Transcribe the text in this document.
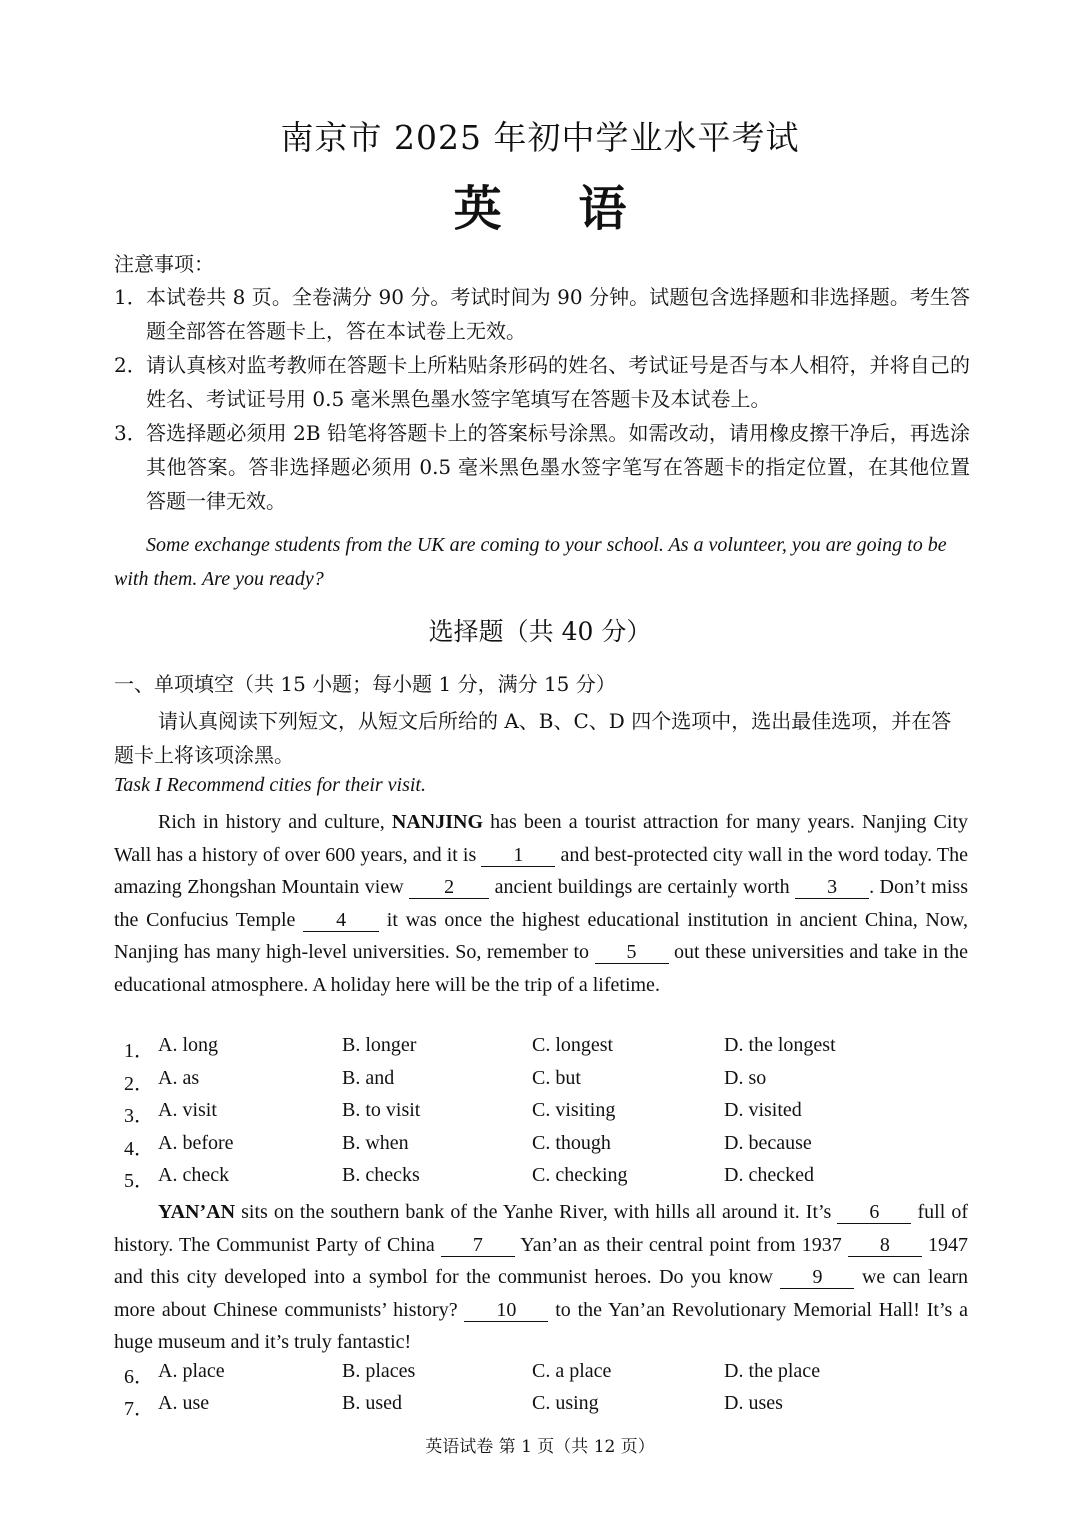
南京市 2025 年初中学业水平考试
英 语
注意事项：
1． 本试卷共 8 页。全卷满分 90 分。考试时间为 90 分钟。试题包含选择题和非选择题。考生答题全部答在答题卡上，答在本试卷上无效。
2． 请认真核对监考教师在答题卡上所粘贴条形码的姓名、考试证号是否与本人相符，并将自己的姓名、考试证号用 0.5 毫米黑色墨水签字笔填写在答题卡及本试卷上。
3． 答选择题必须用 2B 铅笔将答题卡上的答案标号涂黑。如需改动，请用橡皮擦干净后，再选涂其他答案。答非选择题必须用 0.5 毫米黑色墨水签字笔写在答题卡的指定位置，在其他位置答题一律无效。
Some exchange students from the UK are coming to your school. As a volunteer, you are going to be with them. Are you ready?
选择题（共 40 分）
一、单项填空（共 15 小题；每小题 1 分，满分 15 分）
请认真阅读下列短文，从短文后所给的 A、B、C、D 四个选项中，选出最佳选项，并在答题卡上将该项涂黑。
Task I Recommend cities for their visit.
Rich in history and culture, NANJING has been a tourist attraction for many years. Nanjing City Wall has a history of over 600 years, and it is 1 and best-protected city wall in the word today. The amazing Zhongshan Mountain view 2 ancient buildings are certainly worth 3 . Don’t miss the Confucius Temple 4 it was once the highest educational institution in ancient China, Now, Nanjing has many high-level universities. So, remember to 5 out these universities and take in the educational atmosphere. A holiday here will be the trip of a lifetime.
1． A. long	B. longer	C. longest	D. the longest
2． A. as	B. and	C. but	D. so
3． A. visit	B. to visit	C. visiting	D. visited
4． A. before	B. when	C. though	D. because
5． A. check	B. checks	C. checking	D. checked
YAN’AN sits on the southern bank of the Yanhe River, with hills all around it. It’s 6 full of history. The Communist Party of China 7 Yan’an as their central point from 1937 8 1947 and this city developed into a symbol for the communist heroes. Do you know 9 we can learn more about Chinese communists’ history? 10 to the Yan’an Revolutionary Memorial Hall! It’s a huge museum and it’s truly fantastic!
6． A. place	B. places	C. a place	D. the place
7． A. use	B. used	C. using	D. uses
英语试卷 第 1 页（共 12 页）
